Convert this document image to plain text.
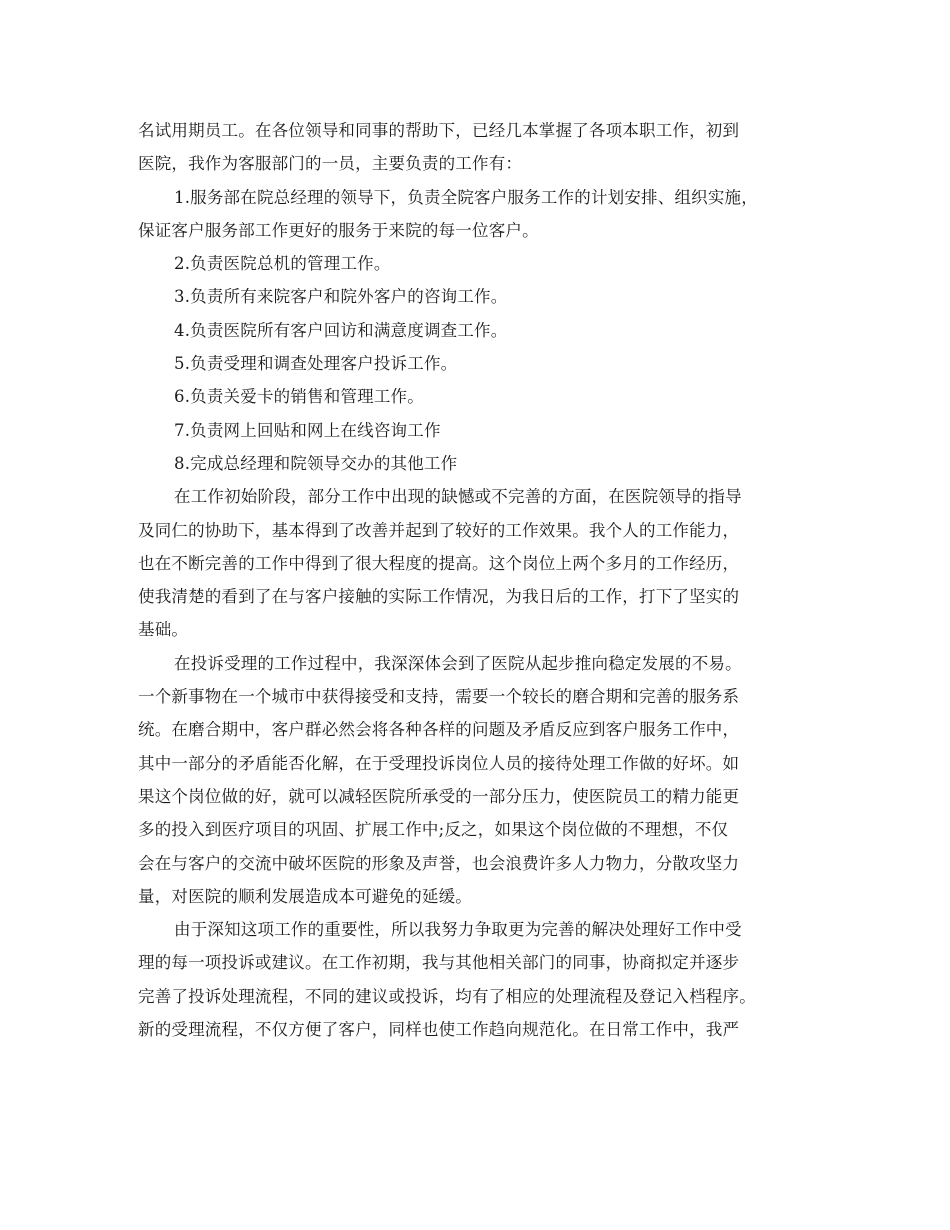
名试用期员工。在各位领导和同事的帮助下，已经几本掌握了各项本职工作，初到
医院，我作为客服部门的一员，主要负责的工作有：
1.服务部在院总经理的领导下，负责全院客户服务工作的计划安排、组织实施，
保证客户服务部工作更好的服务于来院的每一位客户。
2.负责医院总机的管理工作。
3.负责所有来院客户和院外客户的咨询工作。
4.负责医院所有客户回访和满意度调查工作。
5.负责受理和调查处理客户投诉工作。
6.负责关爱卡的销售和管理工作。
7.负责网上回贴和网上在线咨询工作
8.完成总经理和院领导交办的其他工作
在工作初始阶段，部分工作中出现的缺憾或不完善的方面，在医院领导的指导
及同仁的协助下，基本得到了改善并起到了较好的工作效果。我个人的工作能力，
也在不断完善的工作中得到了很大程度的提高。这个岗位上两个多月的工作经历，
使我清楚的看到了在与客户接触的实际工作情况，为我日后的工作，打下了坚实的
基础。
在投诉受理的工作过程中，我深深体会到了医院从起步推向稳定发展的不易。
一个新事物在一个城市中获得接受和支持，需要一个较长的磨合期和完善的服务系
统。在磨合期中，客户群必然会将各种各样的问题及矛盾反应到客户服务工作中，
其中一部分的矛盾能否化解，在于受理投诉岗位人员的接待处理工作做的好坏。如
果这个岗位做的好，就可以减轻医院所承受的一部分压力，使医院员工的精力能更
多的投入到医疗项目的巩固、扩展工作中;反之，如果这个岗位做的不理想，不仅
会在与客户的交流中破坏医院的形象及声誉，也会浪费许多人力物力，分散攻坚力
量，对医院的顺利发展造成本可避免的延缓。
由于深知这项工作的重要性，所以我努力争取更为完善的解决处理好工作中受
理的每一项投诉或建议。在工作初期，我与其他相关部门的同事，协商拟定并逐步
完善了投诉处理流程，不同的建议或投诉，均有了相应的处理流程及登记入档程序。
新的受理流程，不仅方便了客户，同样也使工作趋向规范化。在日常工作中，我严
